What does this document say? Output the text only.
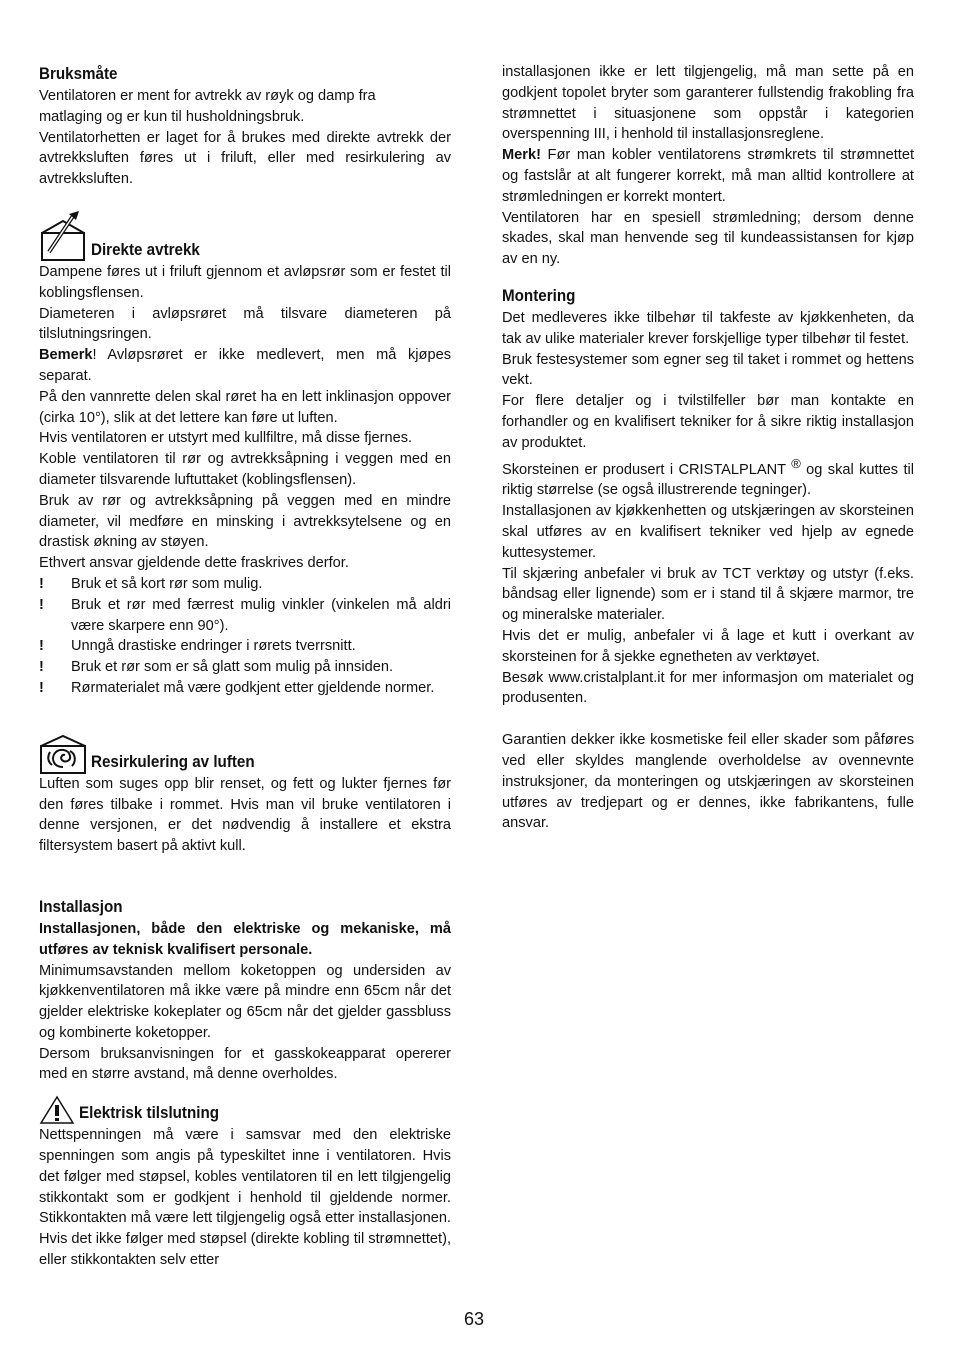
Bruksmåte

Ventilatoren er ment for avtrekk av røyk og damp fra

matlaging og er kun til husholdningsbruk.

Ventilatorhetten er laget for å brukes med direkte avtrekk der avtrekksluften føres ut i friluft, eller med resirkulering av avtrekksluften.

Direkte avtrekk

Dampene føres ut i friluft gjennom et avløpsrør som er festet til koblingsflensen.

Diameteren i avløpsrøret må tilsvare diameteren på tilslutningsringen.

Bemerk! Avløpsrøret er ikke medlevert, men må kjøpes separat.

På den vannrette delen skal røret ha en lett inklinasjon oppover (cirka 10°), slik at det lettere kan føre ut luften.

Hvis ventilatoren er utstyrt med kullfiltre, må disse fjernes.

Koble ventilatoren til rør og avtrekksåpning i veggen med en diameter tilsvarende luftuttaket (koblingsflensen).

Bruk av rør og avtrekksåpning på veggen med en mindre diameter, vil medføre en minsking i avtrekksytelsene og en drastisk økning av støyen.

Ethvert ansvar gjeldende dette fraskrives derfor.

! Bruk et så kort rør som mulig.
! Bruk et rør med færrest mulig vinkler (vinkelen må aldri være skarpere enn 90°).
! Unngå drastiske endringer i rørets tverrsnitt.
! Bruk et rør som er så glatt som mulig på innsiden.
! Rørmaterialet må være godkjent etter gjeldende normer.
Resirkulering av luften

Luften som suges opp blir renset, og fett og lukter fjernes før den føres tilbake i rommet. Hvis man vil bruke ventilatoren i denne versjonen, er det nødvendig å installere et ekstra filtersystem basert på aktivt kull.

Installasjon

Installasjonen, både den elektriske og mekaniske, må utføres av teknisk kvalifisert personale.

Minimumsavstanden mellom koketoppen og undersiden av kjøkkenventilatoren må ikke være på mindre enn 65cm når det gjelder elektriske kokeplater og 65cm når det gjelder gassbluss og kombinerte koketopper.

Dersom bruksanvisningen for et gasskokeapparat opererer med en større avstand, må denne overholdes.

Elektrisk tilslutning

Nettspenningen må være i samsvar med den elektriske spenningen som angis på typeskiltet inne i ventilatoren. Hvis det følger med støpsel, kobles ventilatoren til en lett tilgjengelig stikkontakt som er godkjent i henhold til gjeldende normer. Stikkontakten må være lett tilgjengelig også etter installasjonen. Hvis det ikke følger med støpsel (direkte kobling til strømnettet), eller stikkontakten selv etter

installasjonen ikke er lett tilgjengelig, må man sette på en godkjent topolet bryter som garanterer fullstendig frakobling fra strømnettet i situasjonene som oppstår i kategorien overspenning III, i henhold til installasjonsreglene.

Merk! Før man kobler ventilatorens strømkrets til strømnettet og fastslår at alt fungerer korrekt, må man alltid kontrollere at strømledningen er korrekt montert.

Ventilatoren har en spesiell strømledning; dersom denne skades, skal man henvende seg til kundeassistansen for kjøp av en ny.

Montering

Det medleveres ikke tilbehør til takfeste av kjøkkenheten, da tak av ulike materialer krever forskjellige typer tilbehør til festet.

Bruk festesystemer som egner seg til taket i rommet og hettens vekt.

For flere detaljer og i tvilstilfeller bør man kontakte en forhandler og en kvalifisert tekniker for å sikre riktig installasjon av produktet.

Skorsteinen er produsert i CRISTALPLANT ® og skal kuttes til riktig størrelse (se også illustrerende tegninger).

Installasjonen av kjøkkenhetten og utskjæringen av skorsteinen skal utføres av en kvalifisert tekniker ved hjelp av egnede kuttesystemer.

Til skjæring anbefaler vi bruk av TCT verktøy og utstyr (f.eks. båndsag eller lignende) som er i stand til å skjære marmor, tre og mineralske materialer.

Hvis det er mulig, anbefaler vi å lage et kutt i overkant av skorsteinen for å sjekke egnetheten av verktøyet.

Besøk www.cristalplant.it for mer informasjon om materialet og produsenten.

Garantien dekker ikke kosmetiske feil eller skader som påføres ved eller skyldes manglende overholdelse av ovennevnte instruksjoner, da monteringen og utskjæringen av skorsteinen utføres av tredjepart og er dennes, ikke fabrikantens, fulle ansvar.

63
